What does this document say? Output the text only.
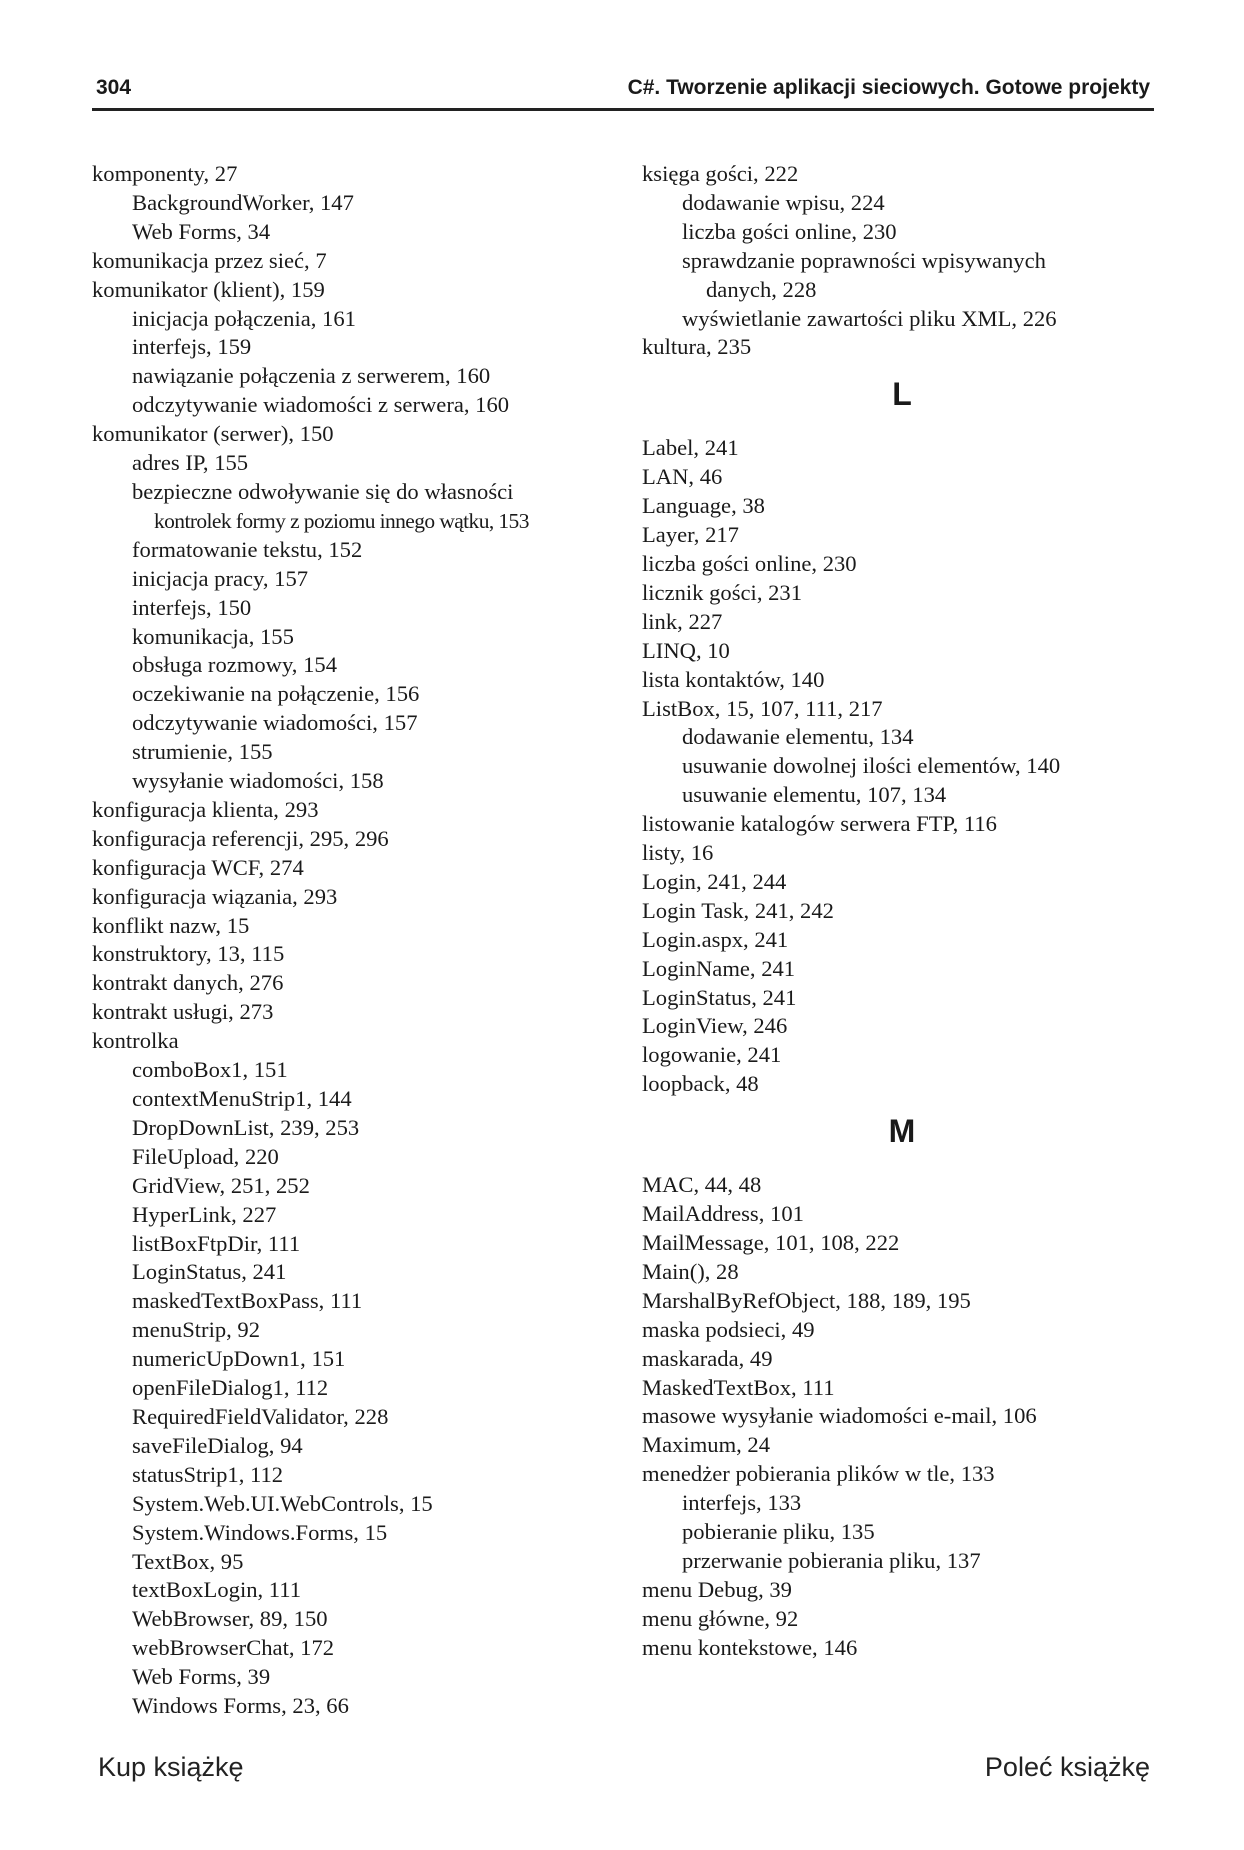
304	C#. Tworzenie aplikacji sieciowych. Gotowe projekty
komponenty, 27
BackgroundWorker, 147
Web Forms, 34
komunikacja przez sieć, 7
komunikator (klient), 159
inicjacja połączenia, 161
interfejs, 159
nawiązanie połączenia z serwerem, 160
odczytywanie wiadomości z serwera, 160
komunikator (serwer), 150
adres IP, 155
bezpieczne odwoływanie się do własności
kontrolek formy z poziomu innego wątku, 153
formatowanie tekstu, 152
inicjacja pracy, 157
interfejs, 150
komunikacja, 155
obsługa rozmowy, 154
oczekiwanie na połączenie, 156
odczytywanie wiadomości, 157
strumienie, 155
wysyłanie wiadomości, 158
konfiguracja klienta, 293
konfiguracja referencji, 295, 296
konfiguracja WCF, 274
konfiguracja wiązania, 293
konflikt nazw, 15
konstruktory, 13, 115
kontrakt danych, 276
kontrakt usługi, 273
kontrolka
comboBox1, 151
contextMenuStrip1, 144
DropDownList, 239, 253
FileUpload, 220
GridView, 251, 252
HyperLink, 227
listBoxFtpDir, 111
LoginStatus, 241
maskedTextBoxPass, 111
menuStrip, 92
numericUpDown1, 151
openFileDialog1, 112
RequiredFieldValidator, 228
saveFileDialog, 94
statusStrip1, 112
System.Web.UI.WebControls, 15
System.Windows.Forms, 15
TextBox, 95
textBoxLogin, 111
WebBrowser, 89, 150
webBrowserChat, 172
Web Forms, 39
Windows Forms, 23, 66
księga gości, 222
dodawanie wpisu, 224
liczba gości online, 230
sprawdzanie poprawności wpisywanych
danych, 228
wyświetlanie zawartości pliku XML, 226
kultura, 235
L
Label, 241
LAN, 46
Language, 38
Layer, 217
liczba gości online, 230
licznik gości, 231
link, 227
LINQ, 10
lista kontaktów, 140
ListBox, 15, 107, 111, 217
dodawanie elementu, 134
usuwanie dowolnej ilości elementów, 140
usuwanie elementu, 107, 134
listowanie katalogów serwera FTP, 116
listy, 16
Login, 241, 244
Login Task, 241, 242
Login.aspx, 241
LoginName, 241
LoginStatus, 241
LoginView, 246
logowanie, 241
loopback, 48
M
MAC, 44, 48
MailAddress, 101
MailMessage, 101, 108, 222
Main(), 28
MarshalByRefObject, 188, 189, 195
maska podsieci, 49
maskarada, 49
MaskedTextBox, 111
masowe wysyłanie wiadomości e-mail, 106
Maximum, 24
menedżer pobierania plików w tle, 133
interfejs, 133
pobieranie pliku, 135
przerwanie pobierania pliku, 137
menu Debug, 39
menu główne, 92
menu kontekstowe, 146
Kup książkę	Poleć książkę
